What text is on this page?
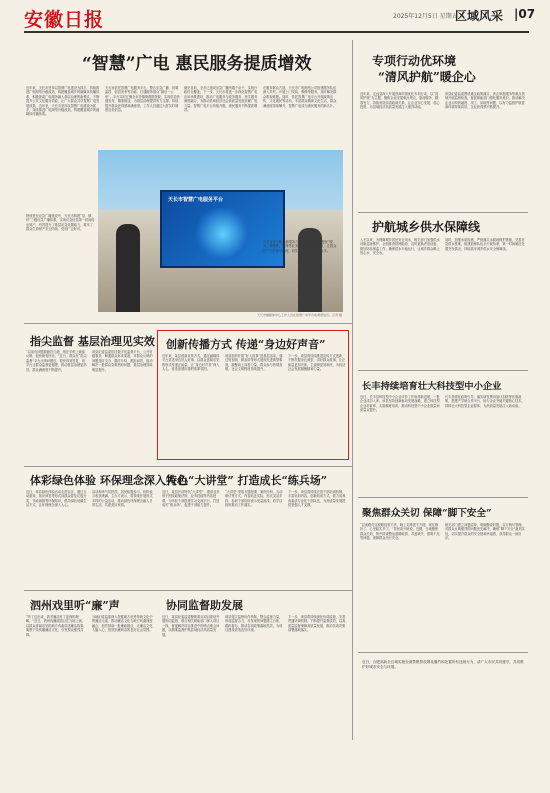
安徽日报	2025年12月5日 星期五
区域风采 |07
“智慧”广电 惠民服务提质增效
近年来，天长市坚持以智慧广电建设为抓手，持续推进广电网络升级改造，构建覆盖城乡的融媒体传播体系，积极探索广电服务融入基层治理的新模式，不断提升公共文化服务效能，让广大群众共享智慧广电发展成果。近年来，天长市坚持以智慧广电建设为抓手，持续推进广电网络升级改造，构建覆盖城乡的融媒体传播体系。
天长市依托智慧广电服务平台，整合应急广播、视频监控、信息发布等功能，打通服务群众“最后一公里”。平台实时汇聚全市各镇街数据资源，实现信息快速发布、精准推送，为基层治理提供有力支撑，持续提升群众获得感和满意度。工作人员通过大屏实时调度各类信息。
截至目前，全市已建成应急广播终端千余个，实现行政村全覆盖。下一步，天长市将进一步深化智慧广电应用场景建设，推动广电服务与政务服务、民生服务深度融合，为推动县域经济社会高质量发展贡献广电力量。智慧广电平台持续升级，惠民服务不断提质增效。
在服务群众方面，天长市广电网络公司组建服务队伍深入乡村，开展上门安装、维修等服务，及时解决群众收视难题。同时，依托智慧广电平台开展政策宣传、文化惠民等活动，丰富群众精神文化生活，群众满意度持续攀升，智慧广电成为惠民服务的新名片。
天长市智慧广电服务平台
天长市融媒体中心工作人员在智慧广电平台前调度信息。记者 摄
特别是在应急广播建设中，天长市构建“县、镇、村”三级应急广播体系，实现应急信息第一时间传达到户，有效提升了基层应急处置能力，筑牢了群众生命财产安全防线，受到广泛好评。
天长市还不断创新服务方式，推出“广电+便民”服务，将缴费、报修等业务延伸至村级服务点，让群众足不出村即可办理，切实提升服务便利化水平。
专项行动优环境
“清风护航”暖企心
近年来，定远县深入开展营商环境优化专项行动，以“清风护航”为主题，聚焦企业发展难点堵点，靠前服务、精准发力，持续营造亲清政商关系，让企业安心发展、放心投资，为县域经济高质量发展注入强劲动能。
该县纪委监委围绕惠企政策落实、涉企审批服务等重点领域开展监督检查，督促职能部门强化服务意识，推动解决企业反映的融资、用工、用地等问题，以有力监督护航营商环境持续向好，企业获得感不断提升。
护航城乡供水保障线
入冬以来，为保障城乡居民安全用水，相关部门加强供水设施巡查维护，全面排查管网隐患，及时更换老旧设备，做好防冻保温工作，确保供水平稳运行，让城乡群众喝上放心水、安全水。
同时，加强水质检测，严格落实水源地保护措施，完善应急供水预案，组建抢修队伍全天候待命，第一时间响应处置突发情况，持续筑牢城乡供水安全保障线。
长丰持续培育壮大科技型中小企业
近日，长丰县科技型中小企业评价工作取得新进展，一批企业成功入库。该县坚持创新驱动发展战略，建立科技型企业培育库，实施梯度培育，推动科技型中小企业数量和质量双提升。
长丰县强化政策引导，落实研发费用加计扣除等优惠政策，搭建产学研合作平台，助力企业突破关键核心技术，持续壮大科技型企业群体，为高质量发展注入新动能。
聚焦群众关切 保障“脚下安全”
“以前路灯这段路经常不亮，晚上走路很不方便，现在修好了，心里踏实多了。”居民高兴地说。近期，当地聚焦群众关切，集中排查整治道路破损、井盖缺失、照明不足等问题，保障群众出行安全。
相关部门建立问题清单，明确整改时限，实行销号管理，对群众反映强烈的问题优先解决，确保“脚下安全”落到实处，切实提升群众的安全感和幸福感，获得群众一致好评。
指尖监督 基层治理见实效
“以前有问题要跑好几趟，现在手机上就能反映，很快就有回音。”近日，群众在“指尖监督”平台反映问题后，很快得到答复，该平台让群众监督更便捷，推动基层治理更高效，群众满意度不断提升。
该县纪委监委依托数字化监督平台，公开村级事务，畅通群众诉求渠道，对群众反映的问题及时交办、限时办结、跟踪问效，推动解决一批群众急难愁盼问题，基层治理效能明显提升。
创新传播方式 传递“身边好声音”
近年来，某县创新宣传方式，通过融媒体平台讲述身边好人好事，以群众喜闻乐见的形式传递正能量，让“身边好声音”深入人心，营造崇德向善的浓厚氛围。
该县组织开展“好人故事”进基层活动，通过短视频、微宣讲等形式展现先进典型事迹，凝聚向上向善力量，群众参与热情高涨，社会文明程度持续提升。
下一步，该县将持续推进宣传方式创新，不断挖掘身边典型，讲好群众故事，让正能量更加充沛，主旋律更加响亮，为经济社会发展凝聚精神力量。
体彩绿色体验 环保理念深入人心
近日，体彩绿色体验活动走进社区，通过互动游戏、知识问答等形式向群众普及垃圾分类、节能减排等环保知识，倡导绿色低碳生活方式，让环保理念深入人心。
活动现场气氛热烈，居民积极参与，纷纷表示收获满满。主办方表示，将持续开展形式多样的公益活动，推动绿色环保理念融入日常生活，共建美好家园。
特色“大讲堂” 打造成长“练兵场”
近日，某县开设特色“大讲堂”，邀请业务骨干围绕政策法规、业务技能等内容授课，为年轻干部搭建学习交流平台，打造成长“练兵场”，促进干部能力提升。
“大讲堂”采取专题授课、案例分析、互动研讨等方式，内容贴近实际，形式灵活多样，参训干部纷纷表示受益匪浅，将学以致用推动工作落实。
下一步，该县将持续完善干部培训机制，丰富培训内容，创新培训方式，着力培养高素质专业化干部队伍，为高质量发展提供坚强人才支撑。
泗州戏里听“廉”声
“听了这出戏，我对廉洁有了更深的理解。”近日，泗州戏廉政剧目在当地上演，以群众喜闻乐见的地方戏曲讲述廉洁故事，寓教于乐传播廉洁文化，引发观众强烈共鸣。
当地纪委监委深入挖掘地方优秀传统文化中的廉洁元素，推动廉洁文化与地方戏曲深度融合，创作排演一批廉政剧目，让廉洁文化入脑入心，营造崇廉尚洁的良好社会氛围。
协同监督助发展
近日，某县纪委监委聚焦重点项目建设开展协同监督，联合相关职能部门深入项目一线，督促解决项目推进中的堵点难点问题，以精准监督护航县域经济高质量发展。
该县建立监督协作机制，整合监督力量，形成监督合力，对发现的问题建立台账、跟踪督办，推动各项政策落地见效，为项目建设营造良好环境。
下一步，该县将持续深化协同监督，完善贯通协调机制，不断提升监督质效，以高质量监督保障高质量发展，推动各项决策部署落地落实。
近日，合肥高新全区域实施全面禁燃禁放烟花爆竹和处置所有违规行为，请广大市民共同遵守，共同维护好城市安全与环境。
